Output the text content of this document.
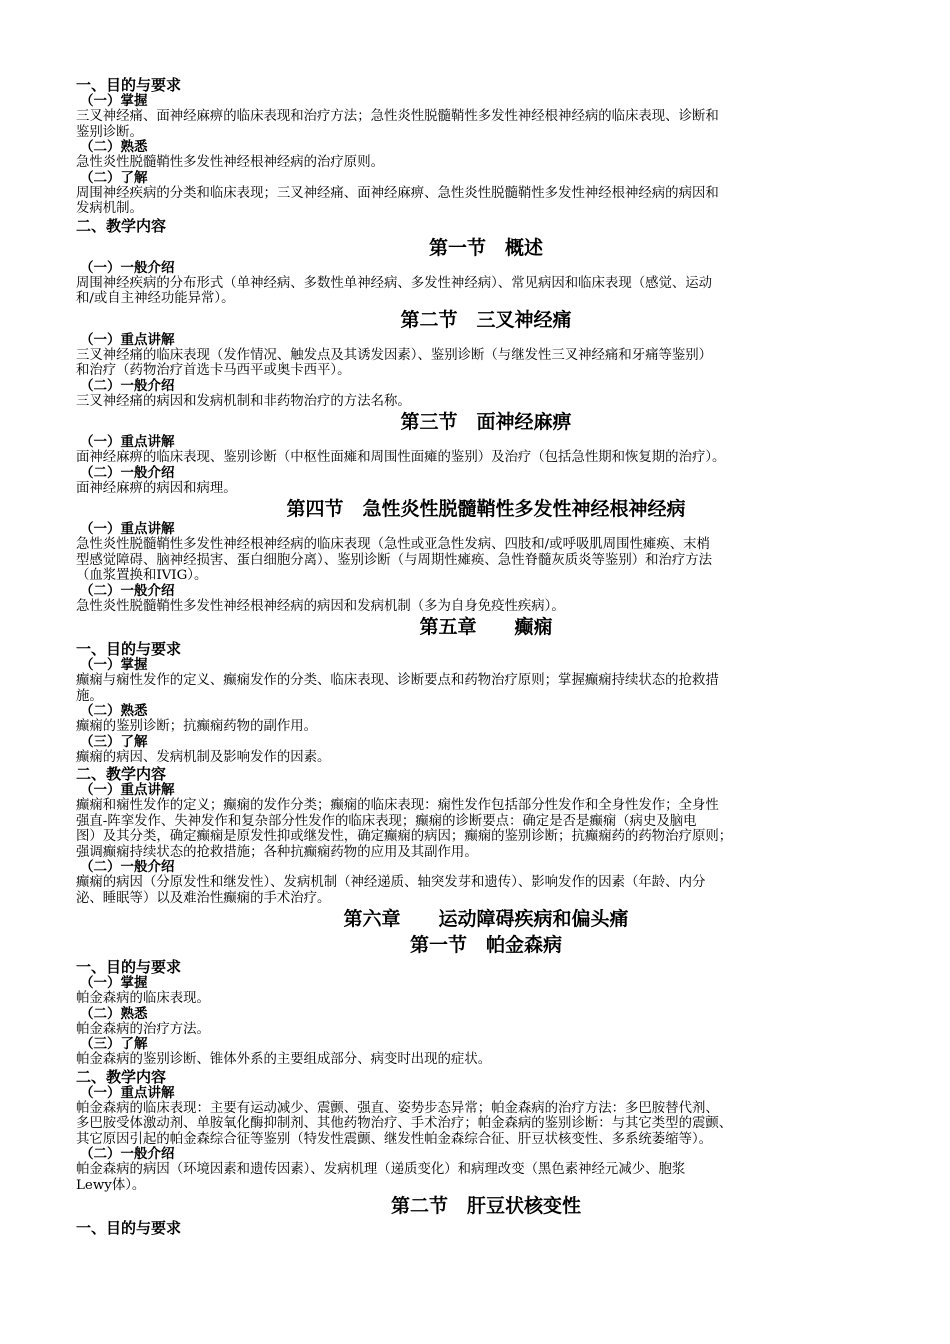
一、目的与要求
（一）掌握
三叉神经痛、面神经麻痹的临床表现和治疗方法；急性炎性脱髓鞘性多发性神经根神经病的临床表现、诊断和
鉴别诊断。
（二）熟悉
急性炎性脱髓鞘性多发性神经根神经病的治疗原则。
（二）了解
周围神经疾病的分类和临床表现；三叉神经痛、面神经麻痹、急性炎性脱髓鞘性多发性神经根神经病的病因和
发病机制。
二、教学内容
第一节　概述
（一）一般介绍
周围神经疾病的分布形式（单神经病、多数性单神经病、多发性神经病）、常见病因和临床表现（感觉、运动
和/或自主神经功能异常）。
第二节　三叉神经痛
（一）重点讲解
三叉神经痛的临床表现（发作情况、触发点及其诱发因素）、鉴别诊断（与继发性三叉神经痛和牙痛等鉴别）
和治疗（药物治疗首选卡马西平或奥卡西平）。
（二）一般介绍
三叉神经痛的病因和发病机制和非药物治疗的方法名称。
第三节　面神经麻痹
（一）重点讲解
面神经麻痹的临床表现、鉴别诊断（中枢性面瘫和周围性面瘫的鉴别）及治疗（包括急性期和恢复期的治疗）。
（二）一般介绍
面神经麻痹的病因和病理。
第四节　急性炎性脱髓鞘性多发性神经根神经病
（一）重点讲解
急性炎性脱髓鞘性多发性神经根神经病的临床表现（急性或亚急性发病、四肢和/或呼吸肌周围性瘫痪、末梢
型感觉障碍、脑神经损害、蛋白细胞分离）、鉴别诊断（与周期性瘫痪、急性脊髓灰质炎等鉴别）和治疗方法
（血浆置换和IVIG）。
（二）一般介绍
急性炎性脱髓鞘性多发性神经根神经病的病因和发病机制（多为自身免疫性疾病）。
第五章　　癫痫
一、目的与要求
（一）掌握
癫痫与痫性发作的定义、癫痫发作的分类、临床表现、诊断要点和药物治疗原则；掌握癫痫持续状态的抢救措
施。
（二）熟悉
癫痫的鉴别诊断；抗癫痫药物的副作用。
（三）了解
癫痫的病因、发病机制及影响发作的因素。
二、教学内容
（一）重点讲解
癫痫和痫性发作的定义；癫痫的发作分类；癫痫的临床表现：痫性发作包括部分性发作和全身性发作；全身性
强直-阵挛发作、失神发作和复杂部分性发作的临床表现；癫痫的诊断要点：确定是否是癫痫（病史及脑电
图）及其分类，确定癫痫是原发性抑或继发性，确定癫痫的病因；癫痫的鉴别诊断；抗癫痫药的药物治疗原则；
强调癫痫持续状态的抢救措施；各种抗癫痫药物的应用及其副作用。
（二）一般介绍
癫痫的病因（分原发性和继发性）、发病机制（神经递质、轴突发芽和遗传）、影响发作的因素（年龄、内分
泌、睡眠等）以及难治性癫痫的手术治疗。
第六章　　运动障碍疾病和偏头痛
第一节　帕金森病
一、目的与要求
（一）掌握
帕金森病的临床表现。
（二）熟悉
帕金森病的治疗方法。
（三）了解
帕金森病的鉴别诊断、锥体外系的主要组成部分、病变时出现的症状。
二、教学内容
（一）重点讲解
帕金森病的临床表现：主要有运动减少、震颤、强直、姿势步态异常；帕金森病的治疗方法：多巴胺替代剂、
多巴胺受体激动剂、单胺氧化酶抑制剂、其他药物治疗、手术治疗；帕金森病的鉴别诊断：与其它类型的震颤、
其它原因引起的帕金森综合征等鉴别（特发性震颤、继发性帕金森综合征、肝豆状核变性、多系统萎缩等）。
（二）一般介绍
帕金森病的病因（环境因素和遗传因素）、发病机理（递质变化）和病理改变（黑色素神经元减少、胞浆
Lewy体）。
第二节　肝豆状核变性
一、目的与要求
